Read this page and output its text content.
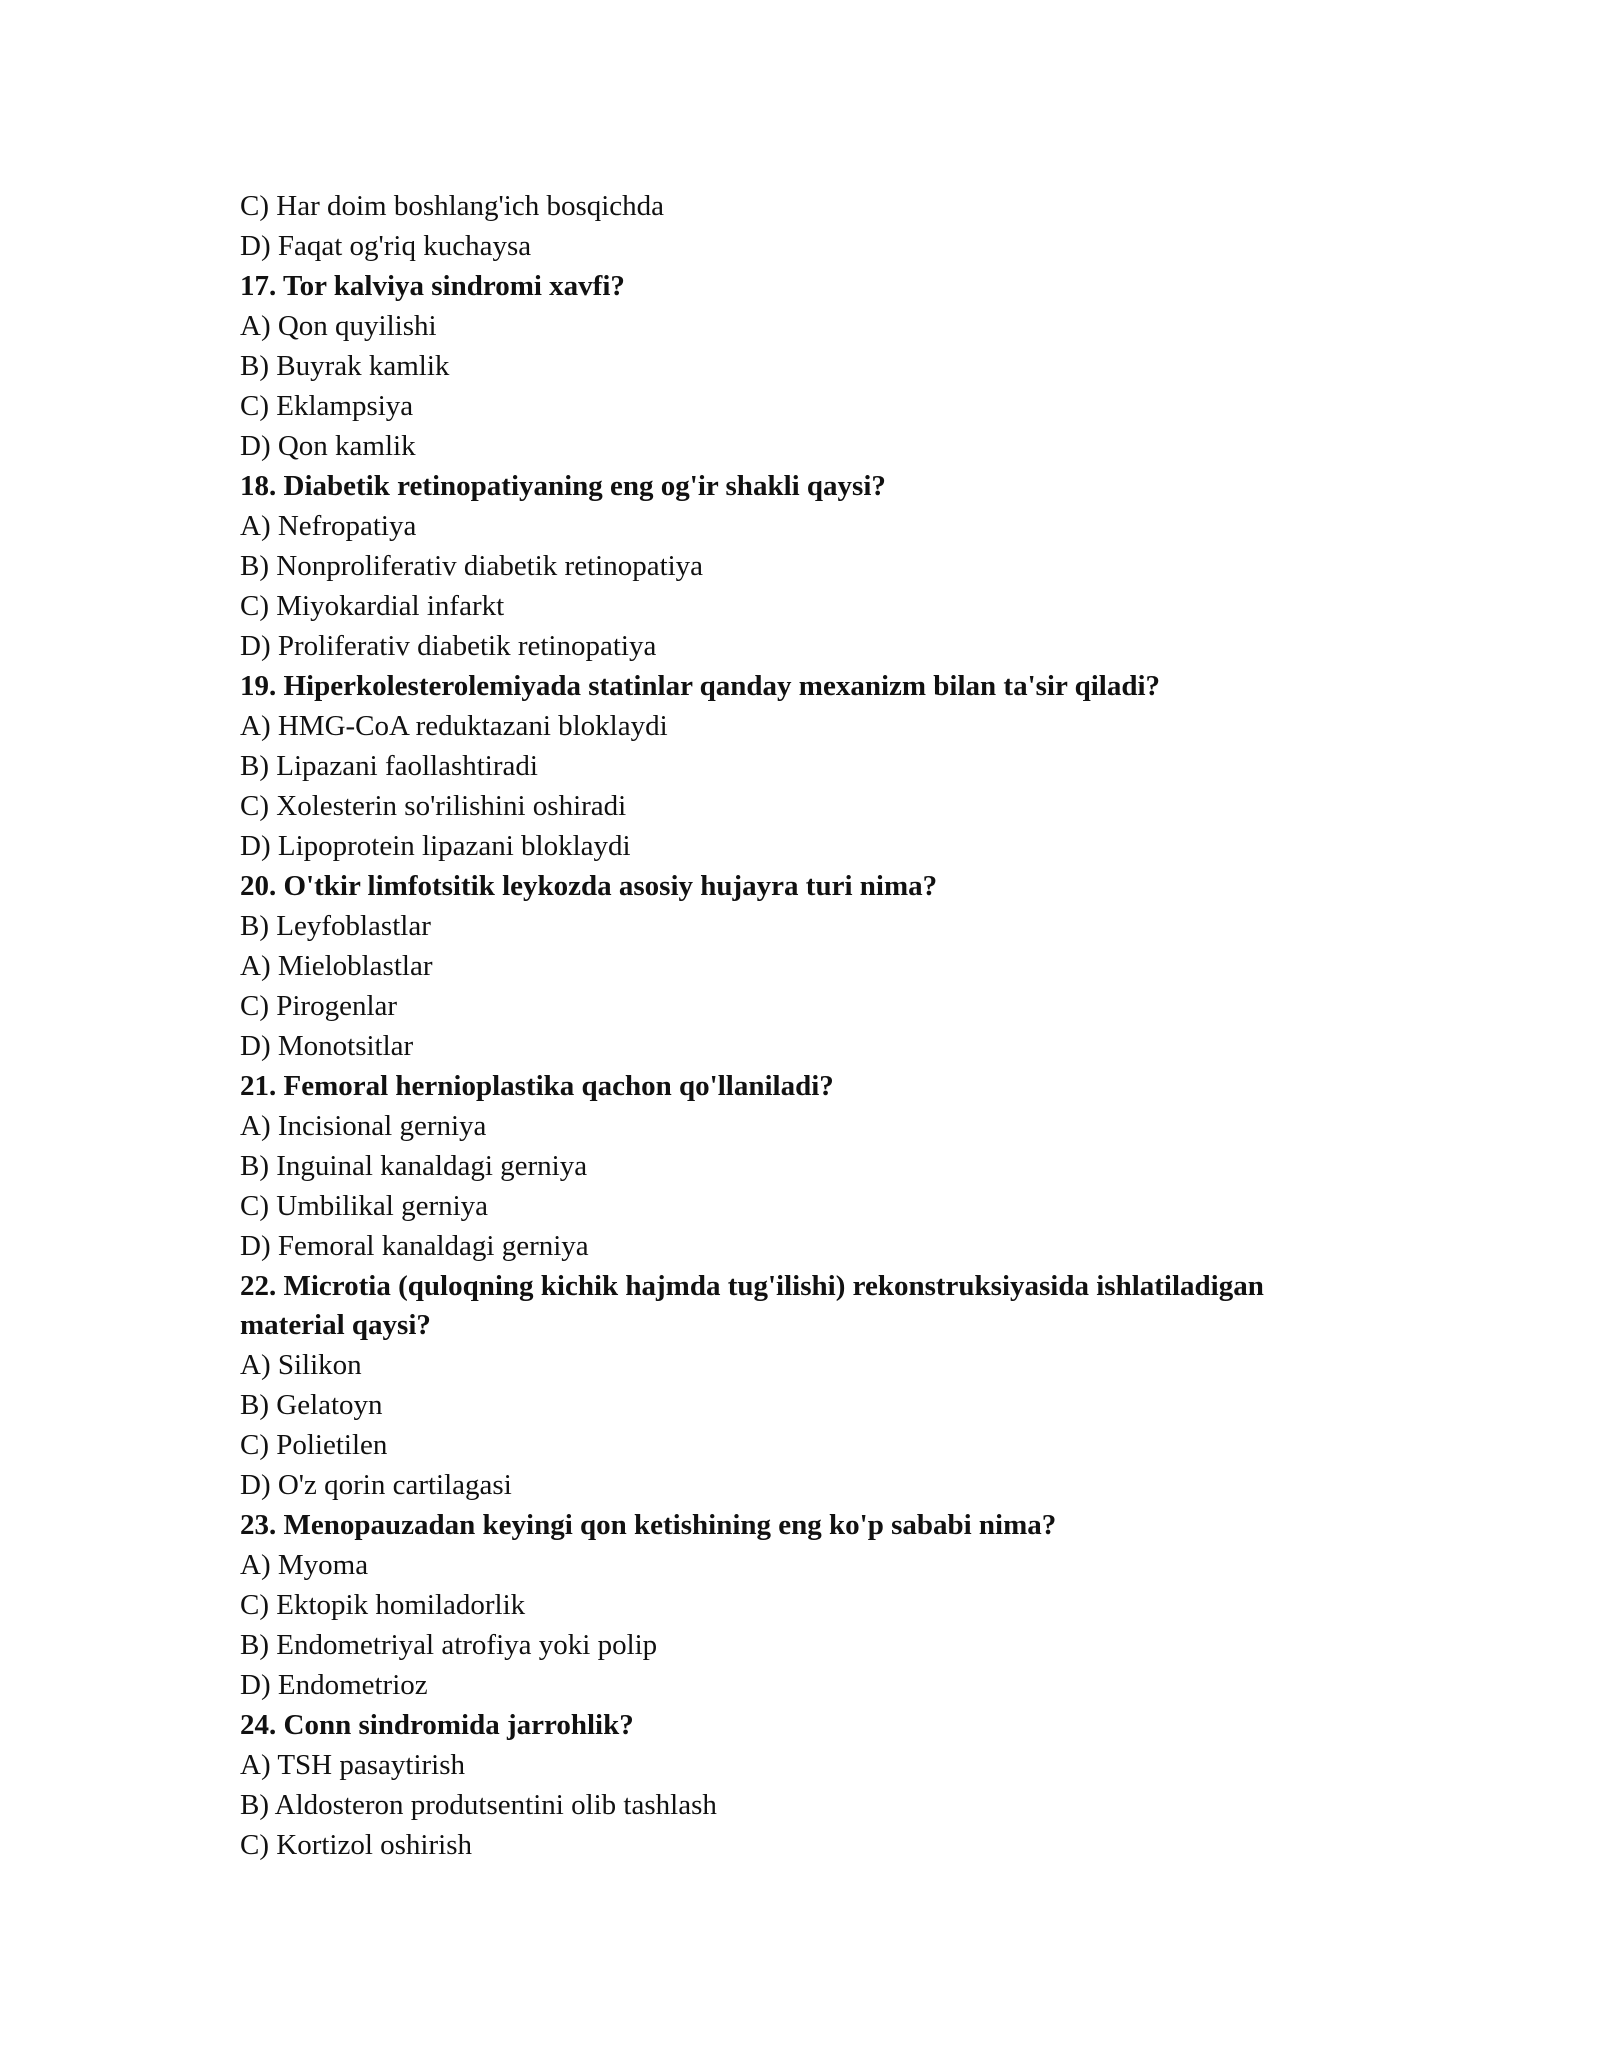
C) Har doim boshlang'ich bosqichda
D) Faqat og'riq kuchaysa
17. Tor kalviya sindromi xavfi?
A) Qon quyilishi
B) Buyrak kamlik
C) Eklampsiya
D) Qon kamlik
18. Diabetik retinopatiyaning eng og'ir shakli qaysi?
A) Nefropatiya
B) Nonproliferativ diabetik retinopatiya
C) Miyokardial infarkt
D) Proliferativ diabetik retinopatiya
19. Hiperkolesterolemiyada statinlar qanday mexanizm bilan ta'sir qiladi?
A) HMG-CoA reduktazani bloklaydi
B) Lipazani faollashtiradi
C) Xolesterin so'rilishini oshiradi
D) Lipoprotein lipazani bloklaydi
20. O'tkir limfotsitik leykozda asosiy hujayra turi nima?
B) Leyfoblastlar
A) Mieloblastlar
C) Pirogenlar
D) Monotsitlar
21. Femoral hernioplastika qachon qo'llaniladi?
A) Incisional gerniya
B) Inguinal kanaldagi gerniya
C) Umbilikal gerniya
D) Femoral kanaldagi gerniya
22. Microtia (quloqning kichik hajmda tug'ilishi) rekonstruksiyasida ishlatiladigan
material qaysi?
A) Silikon
B) Gelatoyn
C) Polietilen
D) O'z qorin cartilagasi
23. Menopauzadan keyingi qon ketishining eng ko'p sababi nima?
A) Myoma
C) Ektopik homiladorlik
B) Endometriyal atrofiya yoki polip
D) Endometrioz
24. Conn sindromida jarrohlik?
A) TSH pasaytirish
B) Aldosteron produtsentini olib tashlash
C) Kortizol oshirish
